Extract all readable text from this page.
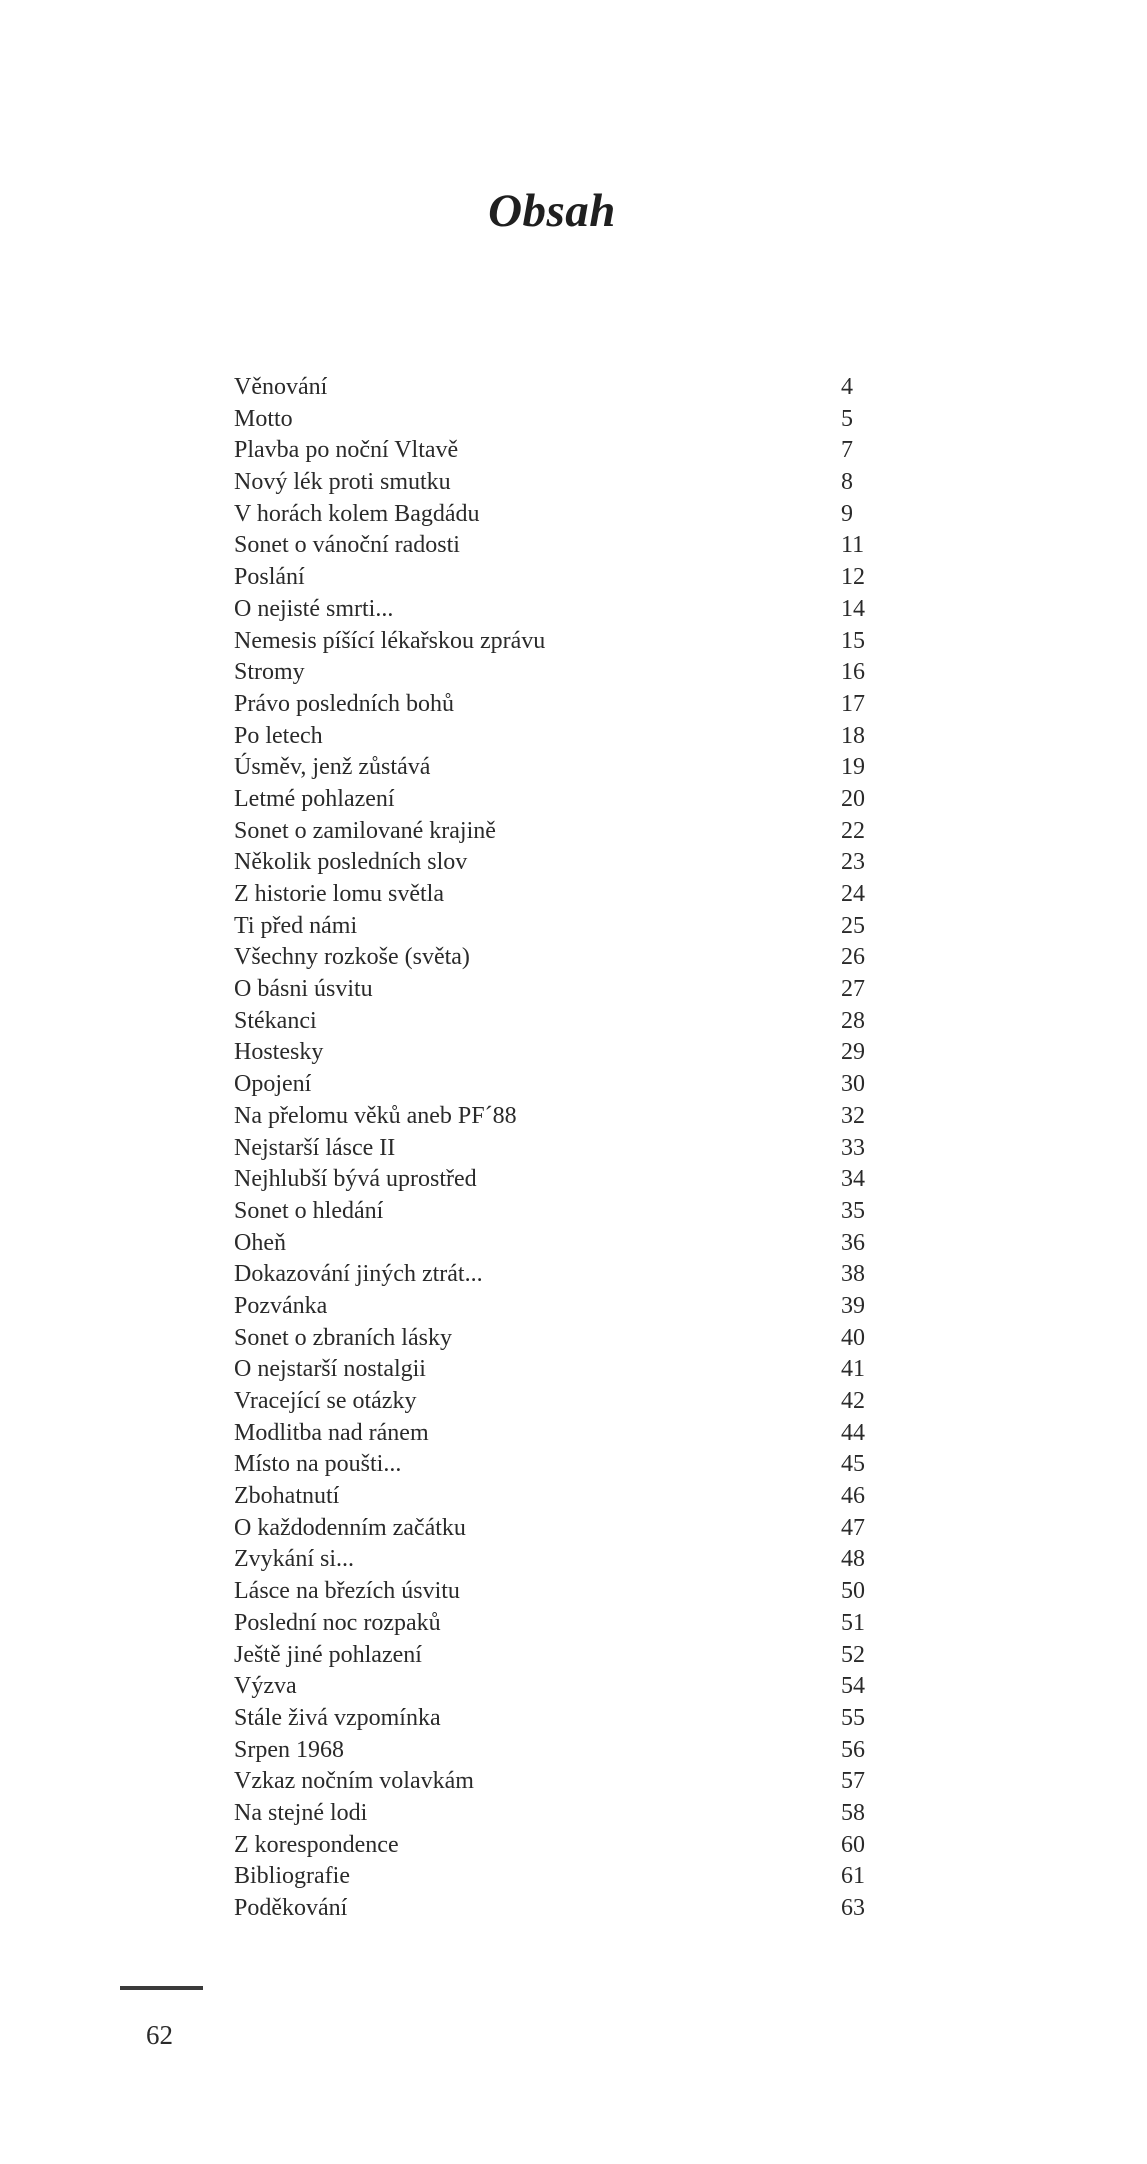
Obsah
Věnování	4
Motto	5
Plavba po noční Vltavě	7
Nový lék proti smutku	8
V horách kolem Bagdádu	9
Sonet o vánoční radosti	11
Poslání	12
O nejisté smrti...	14
Nemesis píšící lékařskou zprávu	15
Stromy	16
Právo posledních bohů	17
Po letech	18
Úsměv, jenž zůstává	19
Letmé pohlazení	20
Sonet o zamilované krajině	22
Několik posledních slov	23
Z historie lomu světla	24
Ti před námi	25
Všechny rozkoše (světa)	26
O básni úsvitu	27
Stékanci	28
Hostesky	29
Opojení	30
Na přelomu věků aneb PF´88	32
Nejstarší lásce II	33
Nejhlubší bývá uprostřed	34
Sonet o hledání	35
Oheň	36
Dokazování jiných ztrát...	38
Pozvánka	39
Sonet o zbraních lásky	40
O nejstarší nostalgii	41
Vracející se otázky	42
Modlitba nad ránem	44
Místo na poušti...	45
Zbohatnutí	46
O každodenním začátku	47
Zvykání si...	48
Lásce na březích úsvitu	50
Poslední noc rozpaků	51
Ještě jiné pohlazení	52
Výzva	54
Stále živá vzpomínka	55
Srpen 1968	56
Vzkaz nočním volavkám	57
Na stejné lodi	58
Z korespondence	60
Bibliografie	61
Poděkování	63
62
